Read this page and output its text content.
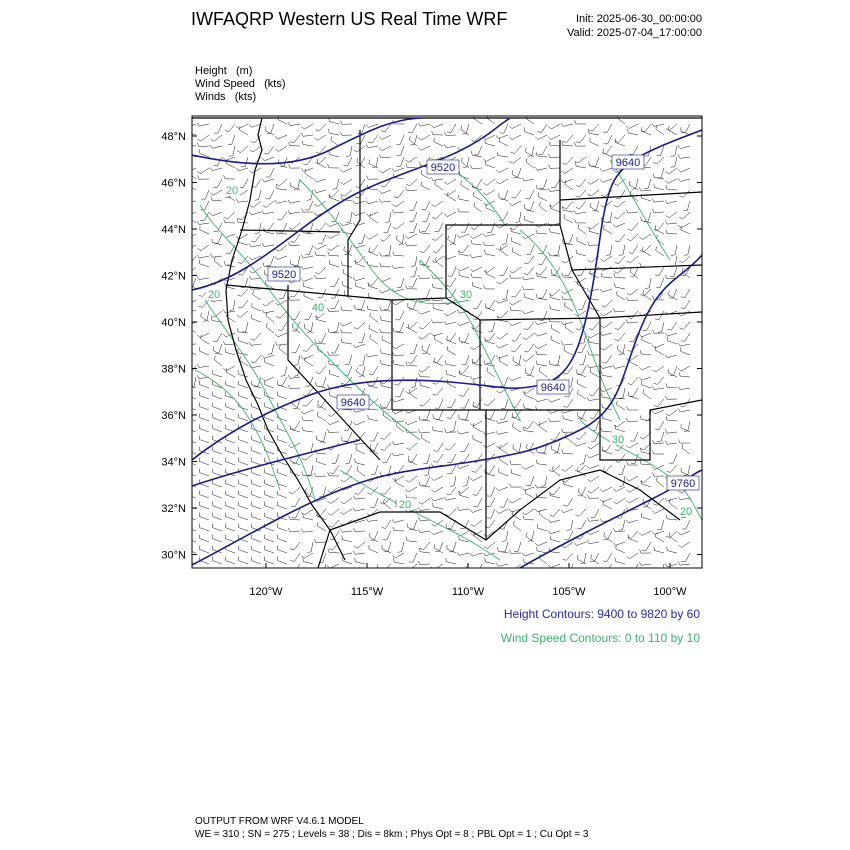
IWFAQRP Western US Real Time WRF	Init: 2025-06-30_00:00:00
Valid: 2025-07-04_17:00:00
Height   (m)
Wind Speed   (kts)
Winds   (kts)
9520	9640
9520
9640
9640
9760
20
40
30
20
30
20
20
48°N
46°N
44°N
42°N
40°N
38°N
36°N
34°N
32°N
30°N
120°W	115°W	110°W	105°W	100°W
Height Contours: 9400 to 9820 by 60
Wind Speed Contours: 0 to 110 by 10
OUTPUT FROM WRF V4.6.1 MODEL
WE = 310 ; SN = 275 ; Levels = 38 ; Dis = 8km ; Phys Opt = 8 ; PBL Opt = 1 ; Cu Opt = 3
